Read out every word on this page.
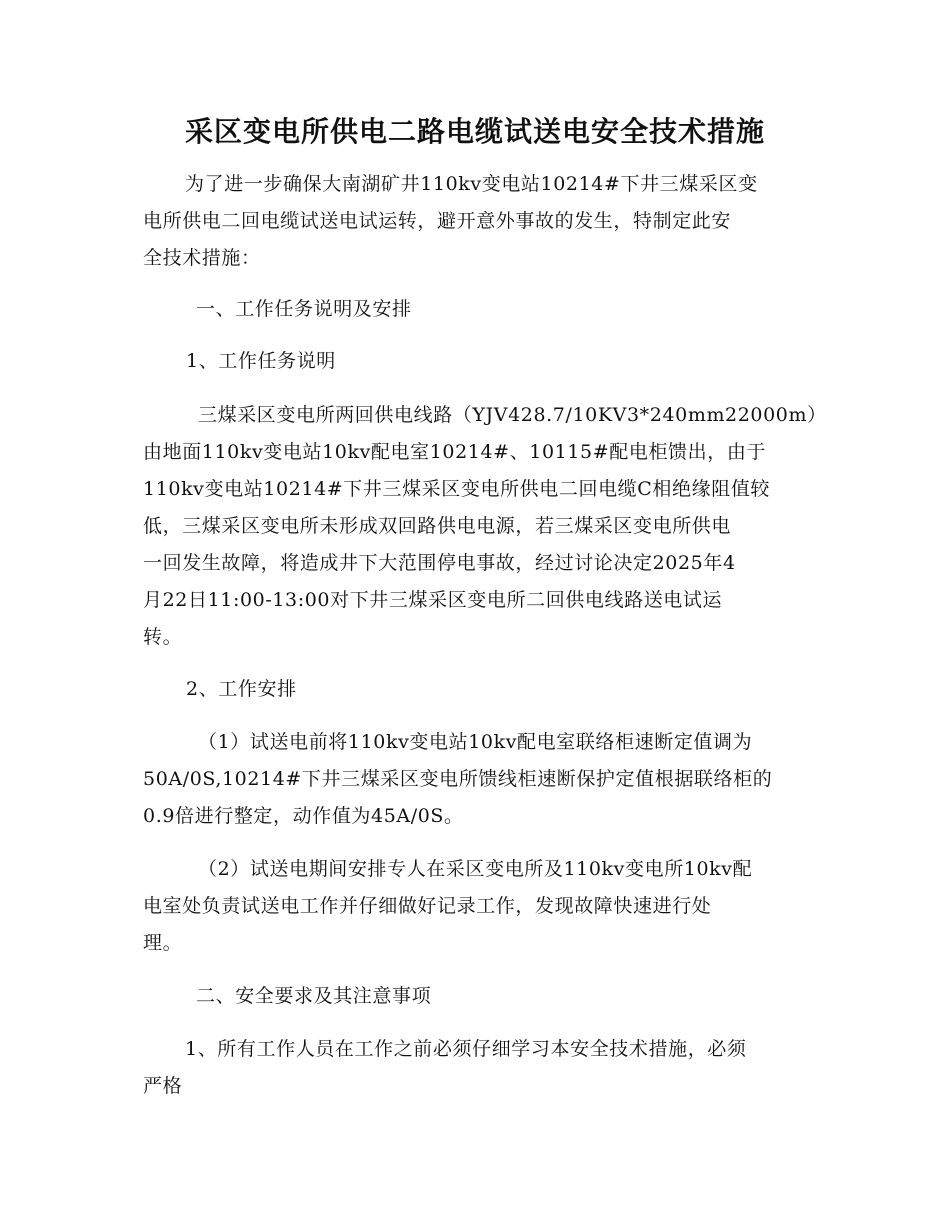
采区变电所供电二路电缆试送电安全技术措施

为了进一步确保大南湖矿井110kv变电站10214#下井三煤采区变
电所供电二回电缆试送电试运转，避开意外事故的发生，特制定此安
全技术措施：

一、工作任务说明及安排

1、工作任务说明

三煤采区变电所两回供电线路（YJV428.7/10KV3*240mm22000m）
由地面110kv变电站10kv配电室10214#、10115#配电柜馈出，由于
110kv变电站10214#下井三煤采区变电所供电二回电缆C相绝缘阻值较
低，三煤采区变电所未形成双回路供电电源，若三煤采区变电所供电
一回发生故障，将造成井下大范围停电事故，经过讨论决定2025年4
月22日11:00-13:00对下井三煤采区变电所二回供电线路送电试运
转。

2、工作安排

（1）试送电前将110kv变电站10kv配电室联络柜速断定值调为
50A/0S,10214#下井三煤采区变电所馈线柜速断保护定值根据联络柜的
0.9倍进行整定，动作值为45A/0S。

（2）试送电期间安排专人在采区变电所及110kv变电所10kv配
电室处负责试送电工作并仔细做好记录工作，发现故障快速进行处
理。

二、安全要求及其注意事项

1、所有工作人员在工作之前必须仔细学习本安全技术措施，必须
严格
